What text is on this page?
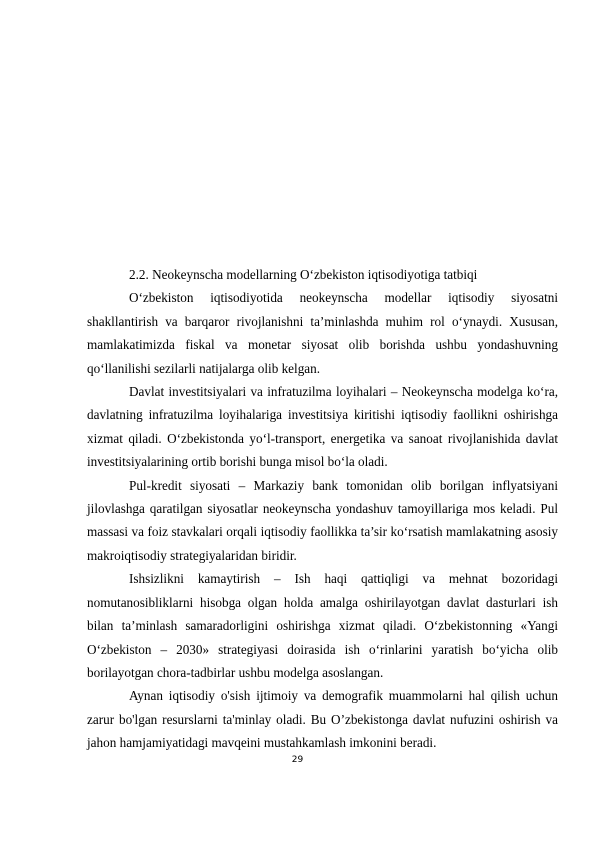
2.2. Neokeynscha modellarning O‘zbekiston iqtisodiyotiga tatbiqi

O‘zbekiston iqtisodiyotida neokeynscha modellar iqtisodiy siyosatni shakllantirish va barqaror rivojlanishni ta’minlashda muhim rol o‘ynaydi. Xususan, mamlakatimizda fiskal va monetar siyosat olib borishda ushbu yondashuvning qo‘llanilishi sezilarli natijalarga olib kelgan.

Davlat investitsiyalari va infratuzilma loyihalari – Neokeynscha modelga ko‘ra, davlatning infratuzilma loyihalariga investitsiya kiritishi iqtisodiy faollikni oshirishga xizmat qiladi. O‘zbekistonda yo‘l-transport, energetika va sanoat rivojlanishida davlat investitsiyalarining ortib borishi bunga misol bo‘la oladi.

Pul-kredit siyosati – Markaziy bank tomonidan olib borilgan inflyatsiyani jilovlashga qaratilgan siyosatlar neokeynscha yondashuv tamoyillariga mos keladi. Pul massasi va foiz stavkalari orqali iqtisodiy faollikka ta’sir ko‘rsatish mamlakatning asosiy makroiqtisodiy strategiyalaridan biridir.

Ishsizlikni kamaytirish – Ish haqi qattiqligi va mehnat bozoridagi nomutanosibliklarni hisobga olgan holda amalga oshirilayotgan davlat dasturlari ish bilan ta’minlash samaradorligini oshirishga xizmat qiladi. O‘zbekistonning «Yangi O‘zbekiston – 2030» strategiyasi doirasida ish o‘rinlarini yaratish bo‘yicha olib borilayotgan chora-tadbirlar ushbu modelga asoslangan.

Aynan iqtisodiy o'sish ijtimoiy va demografik muammolarni hal qilish uchun zarur bo'lgan resurslarni ta'minlay oladi. Bu O’zbekistonga davlat nufuzini oshirish va jahon hamjamiyatidagi mavqeini mustahkamlash imkonini beradi.

29
